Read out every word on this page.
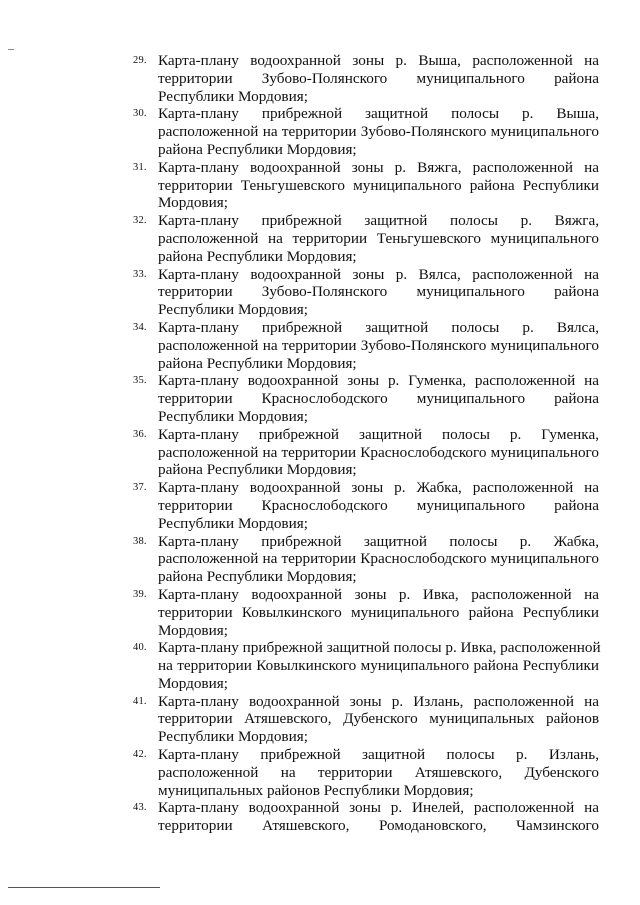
29. Карта-плану водоохранной зоны р. Выша, расположенной на
территории Зубово-Полянского муниципального района
Республики Мордовия;
30. Карта-плану прибрежной защитной полосы р. Выша,
расположенной на территории Зубово-Полянского муниципального
района Республики Мордовия;
31. Карта-плану водоохранной зоны р. Вяжга, расположенной на
территории Теньгушевского муниципального района Республики
Мордовия;
32. Карта-плану прибрежной защитной полосы р. Вяжга,
расположенной на территории Теньгушевского муниципального
района Республики Мордовия;
33. Карта-плану водоохранной зоны р. Вялса, расположенной на
территории Зубово-Полянского муниципального района
Республики Мордовия;
34. Карта-плану прибрежной защитной полосы р. Вялса,
расположенной на территории Зубово-Полянского муниципального
района Республики Мордовия;
35. Карта-плану водоохранной зоны р. Гуменка, расположенной на
территории Краснослободского муниципального района
Республики Мордовия;
36. Карта-плану прибрежной защитной полосы р. Гуменка,
расположенной на территории Краснослободского муниципального
района Республики Мордовия;
37. Карта-плану водоохранной зоны р. Жабка, расположенной на
территории Краснослободского муниципального района
Республики Мордовия;
38. Карта-плану прибрежной защитной полосы р. Жабка,
расположенной на территории Краснослободского муниципального
района Республики Мордовия;
39. Карта-плану водоохранной зоны р. Ивка, расположенной на
территории Ковылкинского муниципального района Республики
Мордовия;
40. Карта-плану прибрежной защитной полосы р. Ивка, расположенной
на территории Ковылкинского муниципального района Республики
Мордовия;
41. Карта-плану водоохранной зоны р. Излань, расположенной на
территории Атяшевского, Дубенского муниципальных районов
Республики Мордовия;
42. Карта-плану прибрежной защитной полосы р. Излань,
расположенной на территории Атяшевского, Дубенского
муниципальных районов Республики Мордовия;
43. Карта-плану водоохранной зоны р. Инелей, расположенной на
территории Атяшевского, Ромодановского, Чамзинского
